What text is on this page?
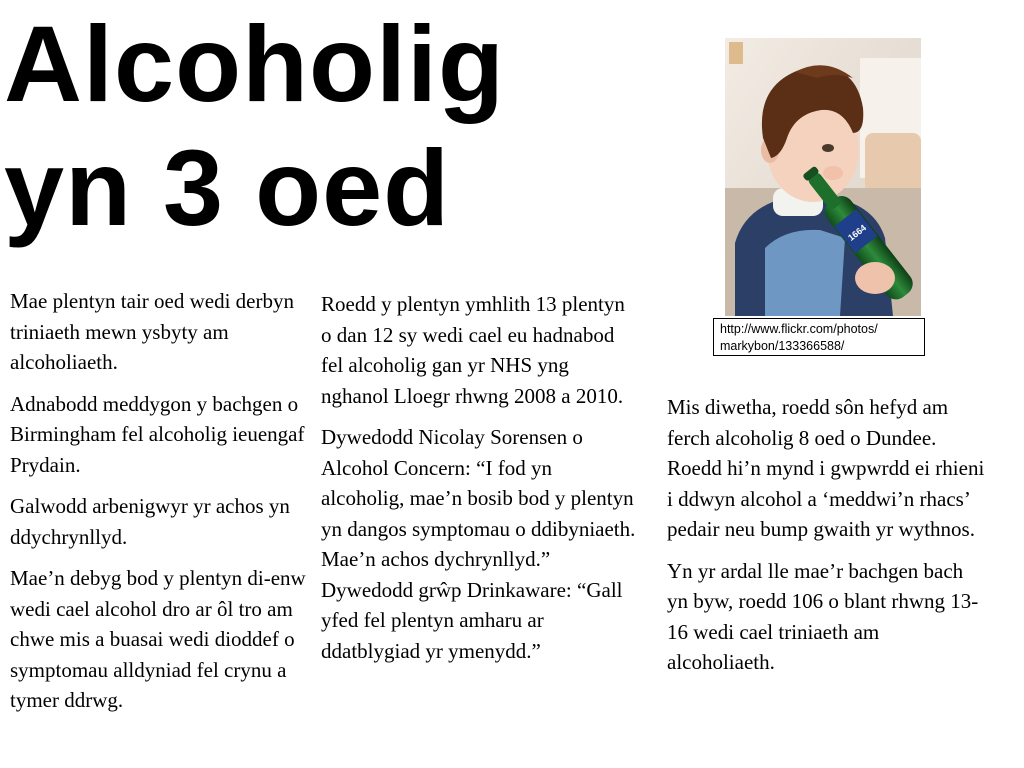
Alcoholig
yn 3 oed

Mae plentyn tair oed wedi derbyn triniaeth mewn ysbyty am alcoholiaeth.

Adnabodd meddygon y bachgen o Birmingham fel alcoholig ieuengaf Prydain.

Galwodd arbenigwyr yr achos yn ddychrynllyd.

Mae’n debyg bod y plentyn di-enw wedi cael alcohol dro ar ôl tro am chwe mis a buasai wedi dioddef o symptomau alldyniad fel crynu a tymer ddrwg.

Roedd y plentyn ymhlith 13 plentyn o dan 12 sy wedi cael eu hadnabod fel alcoholig gan yr NHS yng nghanol Lloegr rhwng 2008 a 2010.

Dywedodd Nicolay Sorensen o Alcohol Concern: “I fod yn alcoholig, mae’n bosib bod y plentyn yn dangos symptomau o ddibyniaeth. Mae’n achos dychrynllyd.” Dywedodd grŵp Drinkaware: “Gall yfed fel plentyn amharu ar ddatblygiad yr ymenydd.”

Mis diwetha, roedd sôn hefyd am ferch alcoholig 8 oed o Dundee. Roedd hi’n mynd i gwpwrdd ei rhieni i ddwyn alcohol a ‘meddwi’n rhacs’ pedair neu bump gwaith yr wythnos.

Yn yr ardal lle mae’r bachgen bach yn byw, roedd 106 o blant rhwng 13-16 wedi cael triniaeth am alcoholiaeth.

1664
http://www.flickr.com/photos/
markybon/133366588/
